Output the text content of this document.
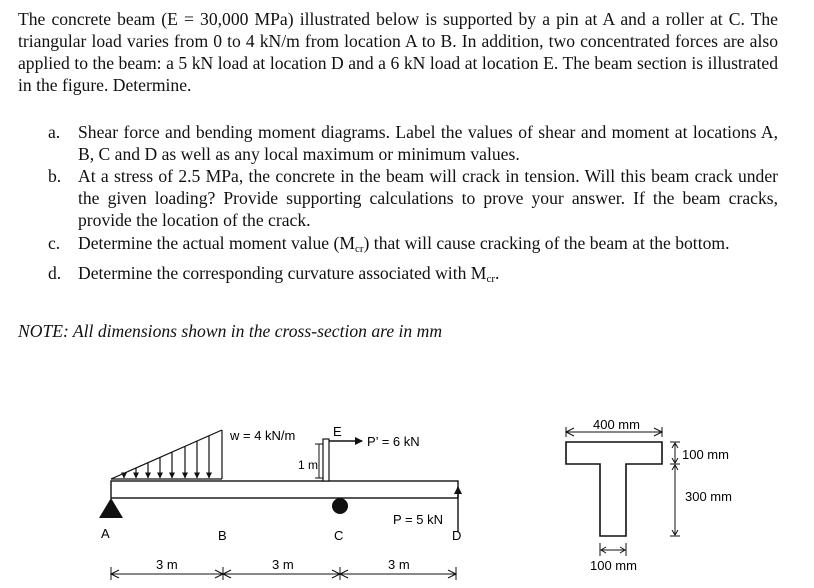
The concrete beam (E = 30,000 MPa) illustrated below is supported by a pin at A and a roller at C. The triangular load varies from 0 to 4 kN/m from location A to B. In addition, two concentrated forces are also applied to the beam: a 5 kN load at location D and a 6 kN load at location E. The beam section is illustrated in the figure. Determine.

a. Shear force and bending moment diagrams. Label the values of shear and moment at locations A, B, C and D as well as any local maximum or minimum values.
b. At a stress of 2.5 MPa, the concrete in the beam will crack in tension. Will this beam crack under the given loading? Provide supporting calculations to prove your answer. If the beam cracks, provide the location of the crack.
c. Determine the actual moment value $(M_{cr})$ that will cause cracking of the beam at the bottom.
d. Determine the corresponding curvature associated with $M_{cr}$.
NOTE: All dimensions shown in the cross-section are in mm
w = 4 kN/m	P’ = 6 kN
1 m
P = 5 kN
A	B	C	D
E
3 m	3 m	3 m
400 mm
100 mm
300 mm
100 mm
